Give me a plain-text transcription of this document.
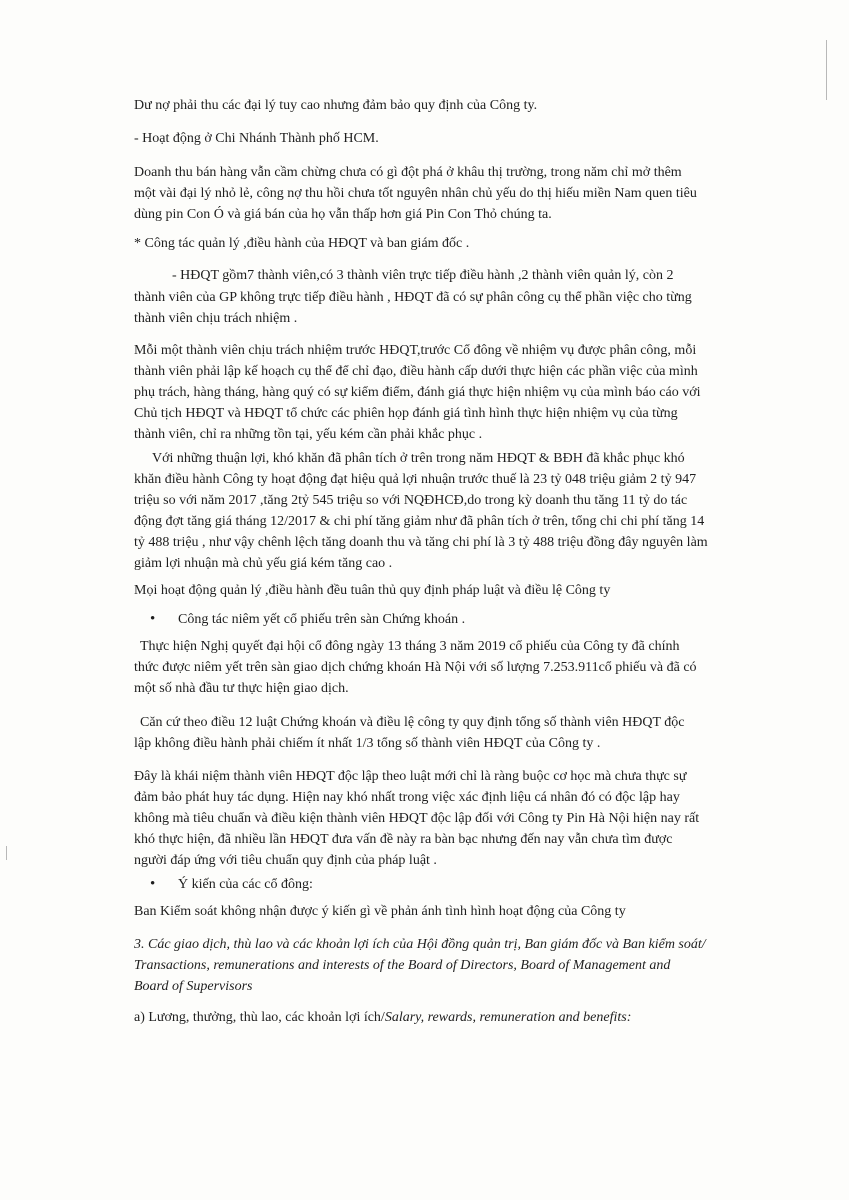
Dư nợ phải thu các đại lý tuy cao nhưng đảm bảo quy định của Công ty.

- Hoạt động ở Chi Nhánh Thành phố HCM.

Doanh thu bán hàng vẫn cầm chừng chưa có gì đột phá ở khâu thị trường, trong năm chỉ mở thêm

một vài đại lý nhỏ lẻ, công nợ thu hồi chưa tốt nguyên nhân chủ yếu do thị hiếu miền Nam quen tiêu

dùng pin Con Ó và giá bán của họ vẫn thấp hơn giá Pin Con Thỏ chúng ta.

* Công tác quản lý ,điều hành của HĐQT và ban giám đốc .

- HĐQT gồm7 thành viên,có 3 thành viên trực tiếp điều hành ,2 thành viên quản lý, còn 2

thành viên của GP không trực tiếp điều hành , HĐQT đã có sự phân công cụ thể phần việc cho từng

thành viên chịu trách nhiệm .

Mỗi một thành viên chịu trách nhiệm trước HĐQT,trước Cổ đông về nhiệm vụ được phân công, mỗi

thành viên phải lập kế hoạch cụ thể để chỉ đạo, điều hành cấp dưới thực hiện các phần việc của mình

phụ trách, hàng tháng, hàng quý có sự kiểm điểm, đánh giá thực hiện nhiệm vụ của mình báo cáo với

Chủ tịch HĐQT và HĐQT tổ chức các phiên họp đánh giá tình hình thực hiện nhiệm vụ của từng

thành viên, chỉ ra những tồn tại, yếu kém cần phải khắc phục .

Với những thuận lợi, khó khăn đã phân tích ở trên trong năm HĐQT & BĐH đã khắc phục khó

khăn điều hành Công ty hoạt động đạt hiệu quả lợi nhuận trước thuế là 23 tỷ 048 triệu giảm 2 tỷ 947

triệu so với năm 2017 ,tăng 2tỷ 545 triệu so với NQĐHCĐ,do trong kỳ doanh thu tăng 11 tỷ do tác

động đợt tăng giá tháng 12/2017 & chi phí tăng giảm như đã phân tích ở trên, tổng chi chi phí tăng 14

tỷ 488 triệu , như vậy chênh lệch tăng doanh thu và tăng chi phí là 3 tỷ 488 triệu đồng đây nguyên làm

giảm lợi nhuận mà chủ yếu giá kém tăng cao .

Mọi hoạt động quản lý ,điều hành đều tuân thủ quy định pháp luật và điều lệ Công ty

• Công tác niêm yết cổ phiếu trên sàn Chứng khoán .

Thực hiện Nghị quyết đại hội cổ đông ngày 13 tháng 3 năm 2019 cổ phiếu của Công ty đã chính

thức được niêm yết trên sàn giao dịch chứng khoán Hà Nội với số lượng 7.253.911cổ phiếu và đã có

một số nhà đầu tư thực hiện giao dịch.

Căn cứ theo điều 12 luật Chứng khoán và điều lệ công ty quy định tổng số thành viên HĐQT độc

lập không điều hành phải chiếm ít nhất 1/3 tổng số thành viên HĐQT của Công ty .

Đây là khái niệm thành viên HĐQT độc lập theo luật mới chỉ là ràng buộc cơ học mà chưa thực sự

đảm bảo phát huy tác dụng. Hiện nay khó nhất trong việc xác định liệu cá nhân đó có độc lập hay

không mà tiêu chuẩn và điều kiện thành viên HĐQT độc lập đối với Công ty Pin Hà Nội hiện nay rất

khó thực hiện, đã nhiều lần HĐQT đưa vấn đề này ra bàn bạc nhưng đến nay vẫn chưa tìm được

người đáp ứng với tiêu chuẩn quy định của pháp luật .

• Ý kiến của các cổ đông:

Ban Kiểm soát không nhận được ý kiến gì về phản ánh tình hình hoạt động của Công ty

3. Các giao dịch, thù lao và các khoản lợi ích của Hội đồng quản trị, Ban giám đốc và Ban kiểm soát/

Transactions, remunerations and interests of the Board of Directors, Board of Management and

Board of Supervisors

a) Lương, thưởng, thù lao, các khoản lợi ích/Salary, rewards, remuneration and benefits:
